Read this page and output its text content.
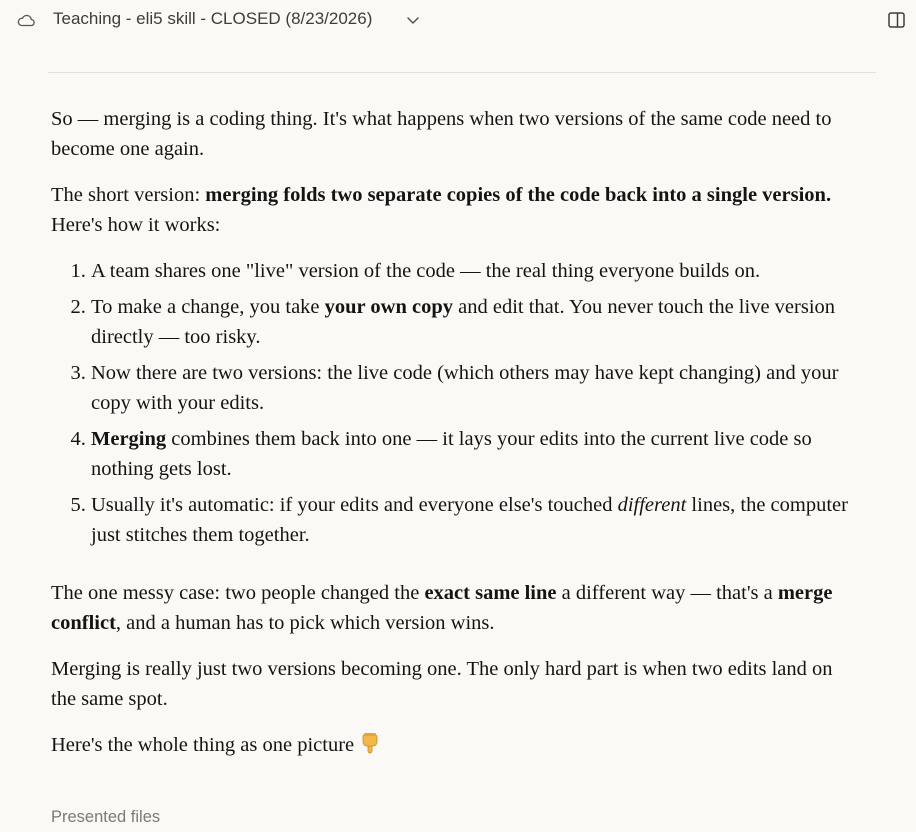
Teaching - eli5 skill - CLOSED (8/23/2026)

So — merging is a coding thing. It's what happens when two versions of the same code need to become one again.

The short version: merging folds two separate copies of the code back into a single version. Here's how it works:

1. A team shares one "live" version of the code — the real thing everyone builds on.
2. To make a change, you take your own copy and edit that. You never touch the live version directly — too risky.
3. Now there are two versions: the live code (which others may have kept changing) and your copy with your edits.
4. Merging combines them back into one — it lays your edits into the current live code so nothing gets lost.
5. Usually it's automatic: if your edits and everyone else's touched different lines, the computer just stitches them together.

The one messy case: two people changed the exact same line a different way — that's a merge conflict, and a human has to pick which version wins.

Merging is really just two versions becoming one. The only hard part is when two edits land on the same spot.

Here's the whole thing as one picture

Presented files
